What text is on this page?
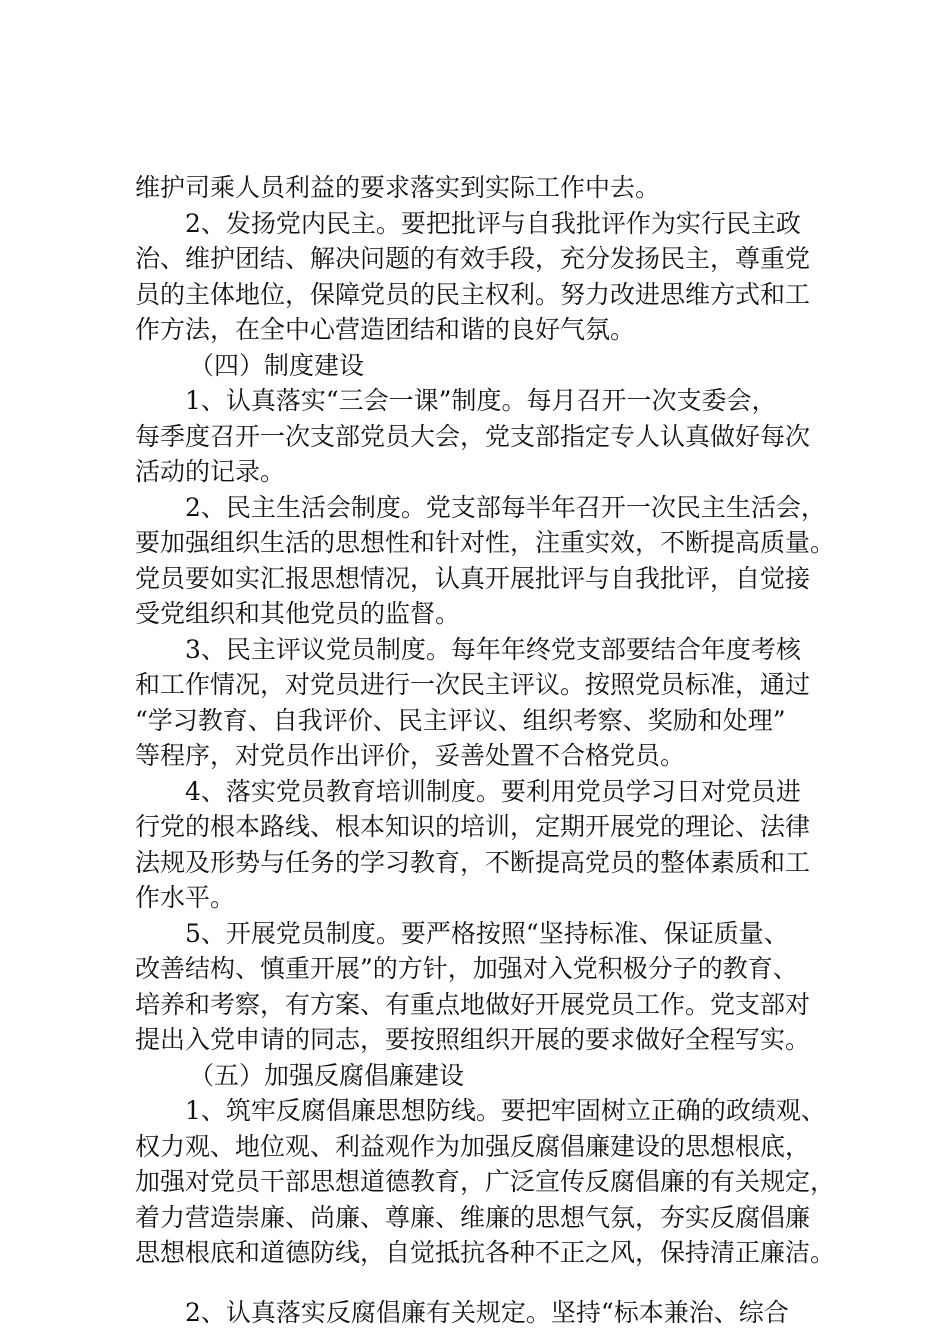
维护司乘人员利益的要求落实到实际工作中去。
2、发扬党内民主。要把批评与自我批评作为实行民主政
治、维护团结、解决问题的有效手段，充分发扬民主，尊重党
员的主体地位，保障党员的民主权利。努力改进思维方式和工
作方法，在全中心营造团结和谐的良好气氛。
（四）制度建设
1、认真落实“三会一课”制度。每月召开一次支委会，
每季度召开一次支部党员大会，党支部指定专人认真做好每次
活动的记录。
2、民主生活会制度。党支部每半年召开一次民主生活会，
要加强组织生活的思想性和针对性，注重实效，不断提高质量。
党员要如实汇报思想情况，认真开展批评与自我批评，自觉接
受党组织和其他党员的监督。
3、民主评议党员制度。每年年终党支部要结合年度考核
和工作情况，对党员进行一次民主评议。按照党员标准，通过
“学习教育、自我评价、民主评议、组织考察、奖励和处理”
等程序，对党员作出评价，妥善处置不合格党员。
4、落实党员教育培训制度。要利用党员学习日对党员进
行党的根本路线、根本知识的培训，定期开展党的理论、法律
法规及形势与任务的学习教育，不断提高党员的整体素质和工
作水平。
5、开展党员制度。要严格按照“坚持标准、保证质量、
改善结构、慎重开展”的方针，加强对入党积极分子的教育、
培养和考察，有方案、有重点地做好开展党员工作。党支部对
提出入党申请的同志，要按照组织开展的要求做好全程写实。
（五）加强反腐倡廉建设
1、筑牢反腐倡廉思想防线。要把牢固树立正确的政绩观、
权力观、地位观、利益观作为加强反腐倡廉建设的思想根底，
加强对党员干部思想道德教育，广泛宣传反腐倡廉的有关规定，
着力营造崇廉、尚廉、尊廉、维廉的思想气氛，夯实反腐倡廉
思想根底和道德防线，自觉抵抗各种不正之风，保持清正廉洁。
2、认真落实反腐倡廉有关规定。坚持“标本兼治、综合
